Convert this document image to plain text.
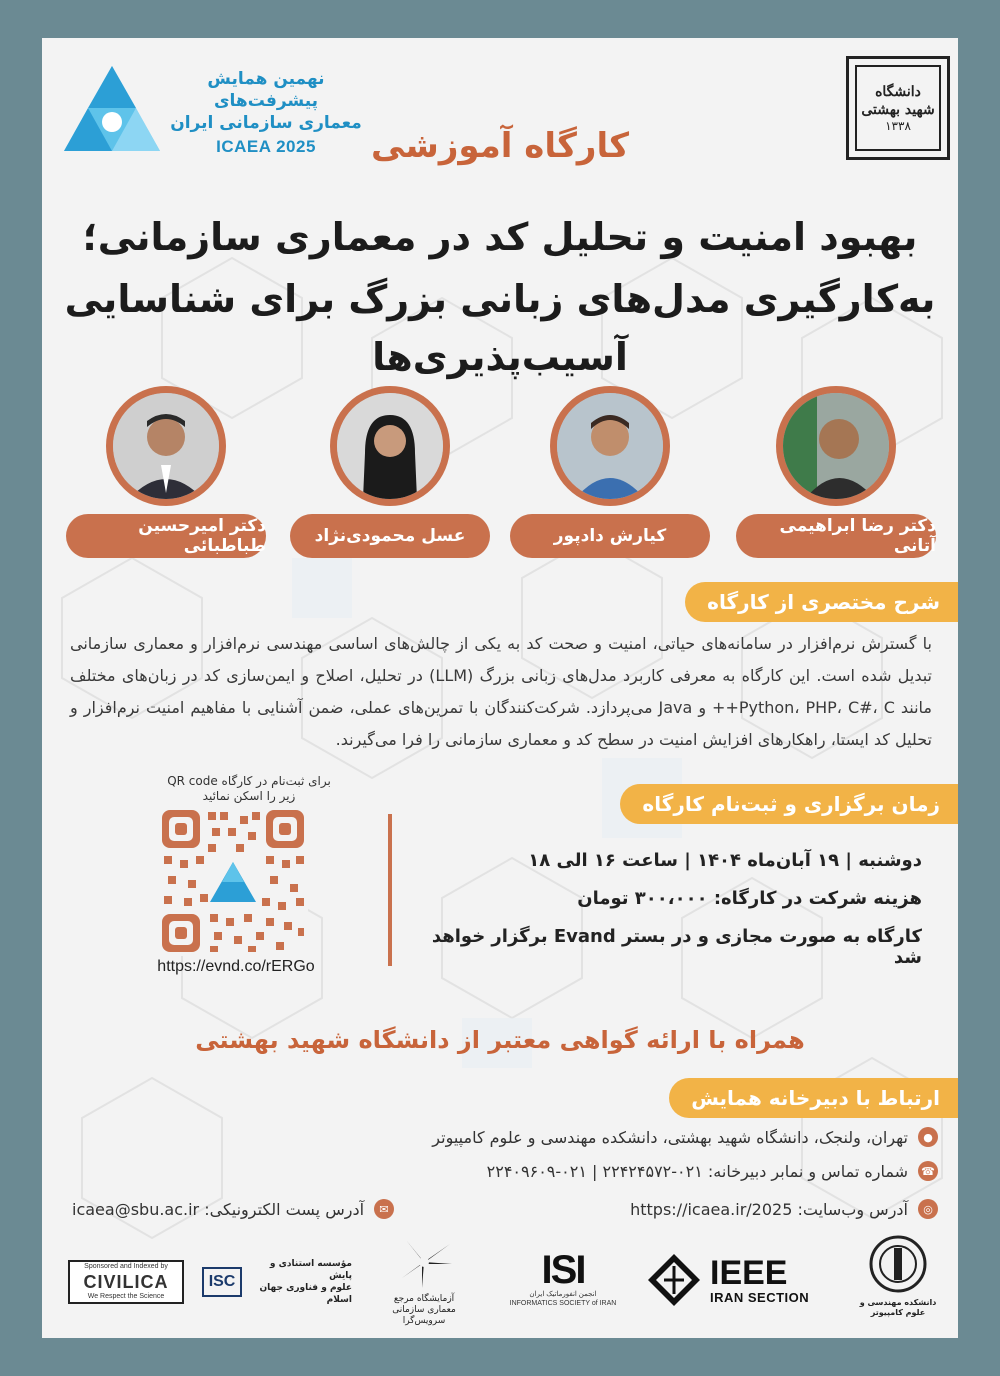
نهمین همایش پیشرفت‌های
معماری سازمانی ایران
ICAEA 2025
دانشگاه شهید بهشتی
۱۳۳۸
کارگاه آموزشی
بهبود امنیت و تحلیل کد در معماری سازمانی؛
به‌کارگیری مدل‌های زبانی بزرگ برای شناسایی آسیب‌پذیری‌ها
دکتر رضا ابراهیمی آتانی
کیارش دادپور
عسل محمودی‌نژاد
دکتر امیرحسین طباطبائی
شرح مختصری از کارگاه
با گسترش نرم‌افزار در سامانه‌های حیاتی، امنیت و صحت کد به یکی از چالش‌های اساسی مهندسی نرم‌افزار و معماری سازمانی تبدیل شده است. این کارگاه به معرفی کاربرد مدل‌های زبانی بزرگ (LLM) در تحلیل، اصلاح و ایمن‌سازی کد در زبان‌های مختلف مانند Python، PHP، C#، C++ و Java می‌پردازد. شرکت‌کنندگان با تمرین‌های عملی، ضمن آشنایی با مفاهیم امنیت نرم‌افزار و تحلیل کد ایستا، راهکارهای افزایش امنیت در سطح کد و معماری سازمانی را فرا می‌گیرند.
زمان برگزاری و ثبت‌نام کارگاه
برای ثبت‌نام در کارگاه QR code
زیر را اسکن نمائید
https://evnd.co/rERGo
دوشنبه | ۱۹ آبان‌ماه ۱۴۰۴ | ساعت ۱۶ الی ۱۸
هزینه شرکت در کارگاه: ۳۰۰،۰۰۰ تومان
کارگاه به صورت مجازی و در بستر Evand برگزار خواهد شد
همراه با ارائه گواهی معتبر از دانشگاه شهید بهشتی
ارتباط با دبیرخانه همایش
●
تهران، ولنجک، دانشگاه شهید بهشتی، دانشکده مهندسی و علوم کامپیوتر
☎
شماره تماس و نمابر دبیرخانه: ۰۲۱-۲۲۴۲۴۵۷۲ | ۰۲۱-۲۲۴۰۹۶۰۹
◎
آدرس وب‌سایت: https://icaea.ir/2025
✉
آدرس پست الکترونیکی: icaea@sbu.ac.ir
Sponsored and Indexed by
CIVILICA
We Respect the Science
ISC
مؤسسه استنادی و پایش
علوم و فناوری جهان اسلام	آزمایشگاه مرجع
معماری سازمانی سرویس‌گرا
ISI
انجمن انفورماتیک ایران
INFORMATICS SOCIETY of IRAN
IEEE
IRAN SECTION	دانشکده مهندسی و علوم کامپیوتر
